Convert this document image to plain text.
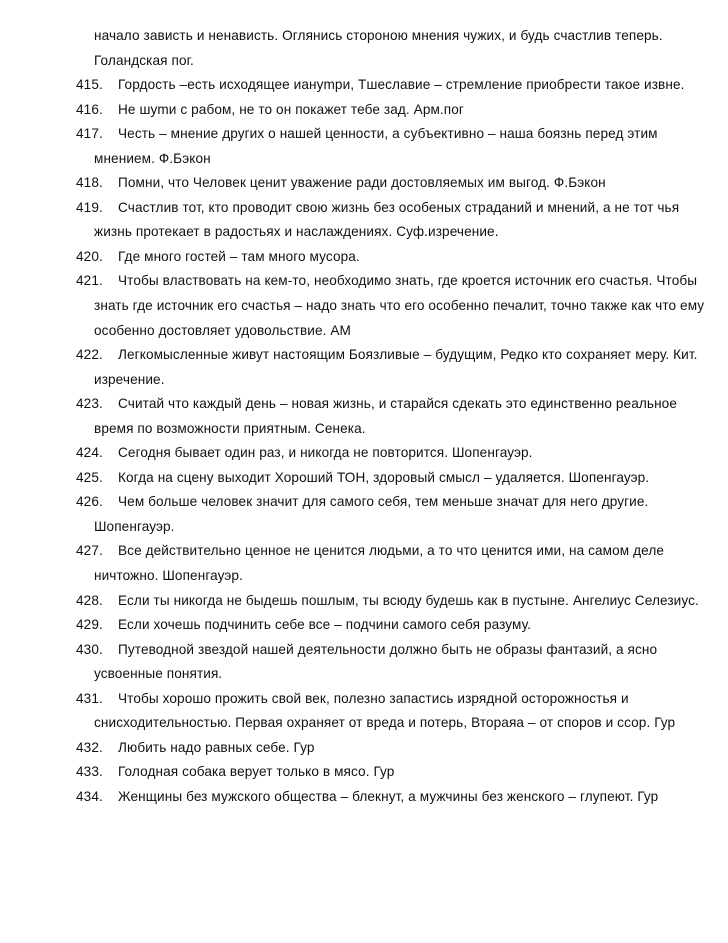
начало зависть и ненависть. Оглянись стороною мнения чужих, и будь счастлив теперь. Голандская пог.

415. Гордость –есть исходящее иануmри, Тшеславие – стремление приобрести такое извне.

416. Не шуmи с рабом, не то он покажет тебе зад. Арм.пог

417. Честь – мнение других о нашей ценности, а субъективно – наша боязнь перед этим мнением. Ф.Бэкон

418. Помни, что Человек ценит уважение ради достовляемых им выгод. Ф.Бэкон

419. Счастлив тот, кто проводит свою жизнь без особеных страданий и мнений, а не тот чья жизнь протекает в радостьях и наслаждениях. Суф.изречение.

420. Где много гостей – там много мусора.

421. Чтобы властвовать на кем-то, необходимо знать, где кроется источник его счастья. Чтобы знать где источник его счастья – надо знать что его особенно печалит, точно также как что ему особенно достовляет удовольствие. АМ

422. Легкомысленные живут настоящим Боязливые – будущим, Редко кто сохраняет меру. Кит. изречение.

423. Считай что каждый день – новая жизнь, и старайся сдекать это единственно реальное время по возможности приятным. Сенека.

424. Сегодня бывает один раз, и никогда не повторится. Шопенгауэр.

425. Когда на сцену выходит Хороший ТОН, здоровый смысл – удаляется. Шопенгауэр.

426. Чем больше человек значит для самого себя, тем меньше значат для него другие. Шопенгауэр.

427. Все действительно ценное не ценится людьми, а то что ценится ими, на самом деле ничтожно. Шопенгауэр.

428. Если ты никогда не быдешь пошлым, ты всюду будешь как в пустыне. Ангелиус Селезиус.

429. Если хочешь подчинить себе все – подчини самого себя разуму.

430. Путеводной звездой нашей деятельности должно быть не образы фантазий, а ясно усвоенные понятия.

431. Чтобы хорошо прожить свой век, полезно запастись изрядной осторожностья и снисходительностью. Первая охраняет от вреда и потерь, Втораяа – от споров и ссор. Гур

432. Любить надо равных себе. Гур

433. Голодная собака верует только в мясо. Гур

434. Женщины без мужского общества – блекнут, а мужчины без женского – глупеют. Гур
